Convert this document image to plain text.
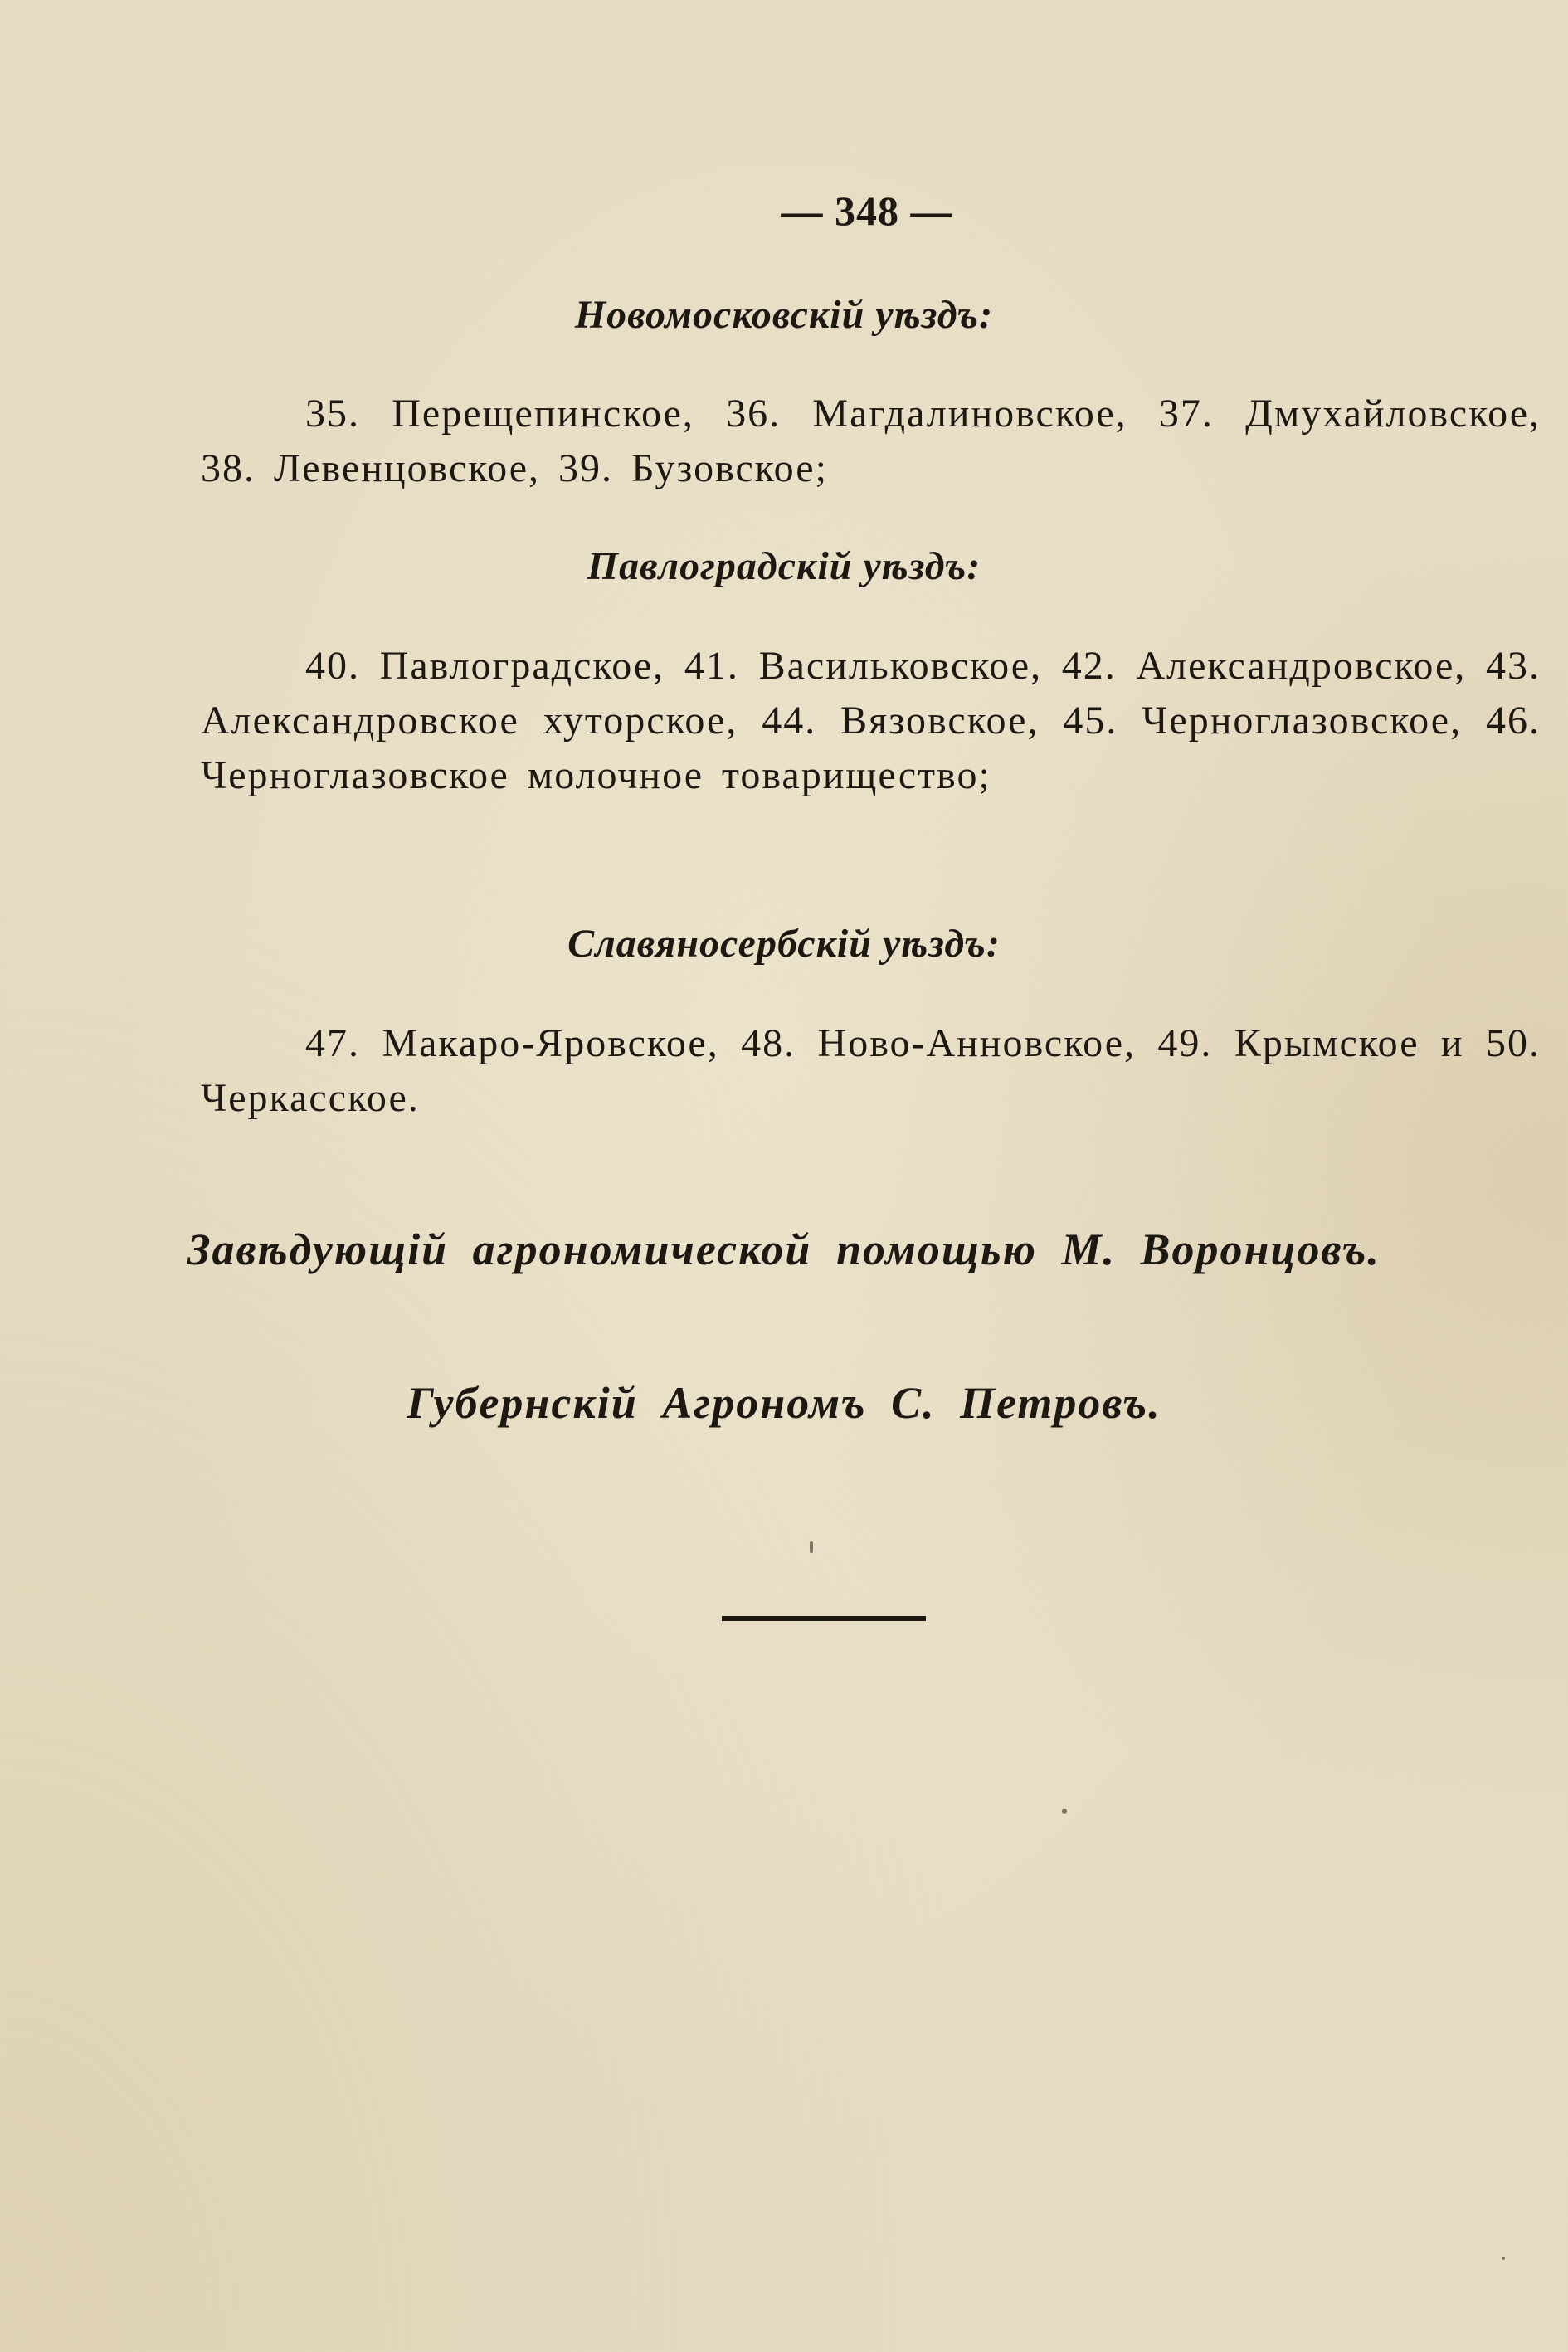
— 348 —
Новомосковскій уѣздъ:
35. Перещепинское, 36. Магдалиновское, 37. Дмухайловское, 38. Левенцовское, 39. Бузовское;
Павлоградскій уѣздъ:
40. Павлоградское, 41. Васильковское, 42. Александровское, 43. Александровское хуторское, 44. Вязовское, 45. Черноглазовское, 46. Черноглазовское молочное товарищество;
Славяносербскій уѣздъ:
47. Макаро-Яровское, 48. Ново-Анновское, 49. Крымское и 50. Черкасское.
Завѣдующій агрономической помощью М. Воронцовъ.
Губернскій Агрономъ С. Петровъ.
